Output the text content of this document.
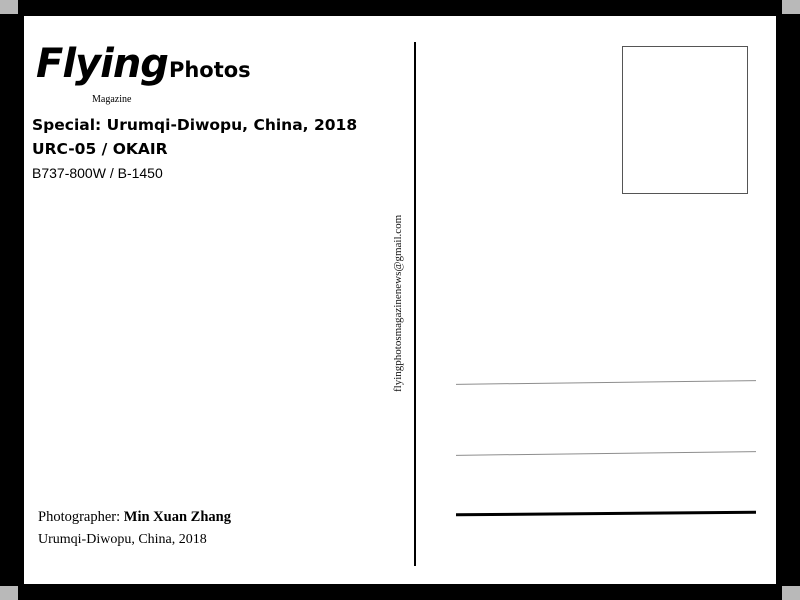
FlyingPhotos
Magazine
Special: Urumqi-Diwopu, China, 2018
URC-05 / OKAIR
B737-800W / B-1450
flyingphotosmagazinenews@gmail.com
Photographer: Min Xuan Zhang
Urumqi-Diwopu, China, 2018
